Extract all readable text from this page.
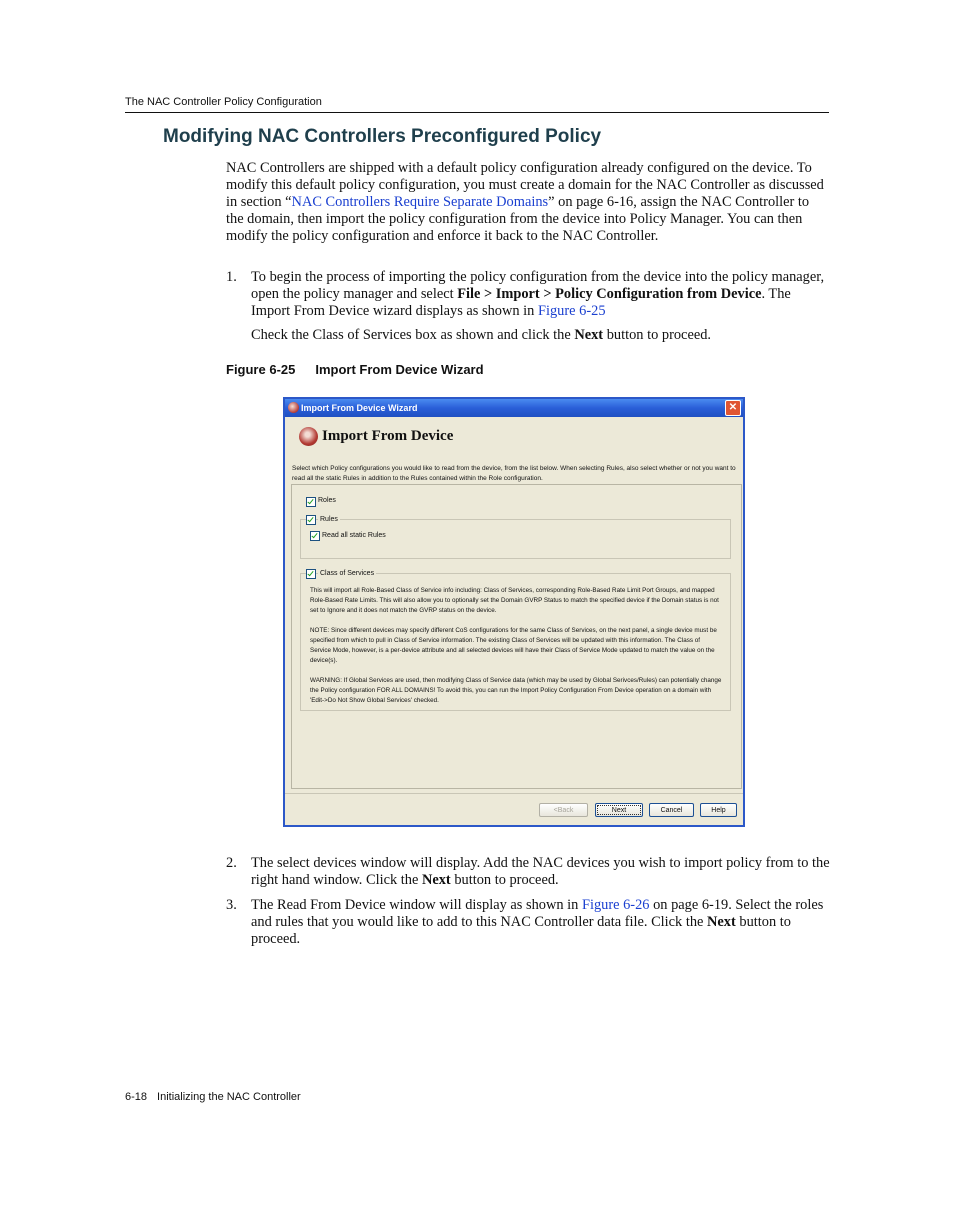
The NAC Controller Policy Configuration
Modifying NAC Controllers Preconfigured Policy
NAC Controllers are shipped with a default policy configuration already configured on the device. To modify this default policy configuration, you must create a domain for the NAC Controller as discussed in section “NAC Controllers Require Separate Domains” on page 6-16, assign the NAC Controller to the domain, then import the policy configuration from the device into Policy Manager. You can then modify the policy configuration and enforce it back to the NAC Controller.
1. To begin the process of importing the policy configuration from the device into the policy manager, open the policy manager and select File > Import > Policy Configuration from Device. The Import From Device wizard displays as shown in Figure 6-25
Check the Class of Services box as shown and click the Next button to proceed.
Figure 6-25 Import From Device Wizard
Import From Device Wizard	✕
Import From Device
Select which Policy configurations you would like to read from the device, from the list below. When selecting Rules, also select whether or not you want to read all the static Rules in addition to the Rules contained within the Role configuration.
Roles
Rules
Read all static Rules

This will import all Role-Based Class of Service info including: Class of Services, corresponding Role-Based Rate Limit Port Groups, and mapped Role-Based Rate Limits. This will also allow you to optionally set the Domain GVRP Status to match the specified device if the Domain status is not set to Ignore and it does not match the GVRP status on the device.

NOTE: Since different devices may specify different CoS configurations for the same Class of Services, on the next panel, a single device must be specified from which to pull in Class of Service information. The existing Class of Services will be updated with this information. The Class of Service Mode, however, is a per-device attribute and all selected devices will have their Class of Service Mode updated to match the value on the device(s).

WARNING: If Global Services are used, then modifying Class of Service data (which may be used by Global Serivces/Rules) can potentially change the Policy configuration FOR ALL DOMAINS! To avoid this, you can run the Import Policy Configuration From Device operation on a domain with 'Edit->Do Not Show Global Services' checked.

Class of Services
<Back	Next	Cancel	Help
2. The select devices window will display. Add the NAC devices you wish to import policy from to the right hand window. Click the Next button to proceed.
3. The Read From Device window will display as shown in Figure 6-26 on page 6-19. Select the roles and rules that you would like to add to this NAC Controller data file. Click the Next button to proceed.
6-18 Initializing the NAC Controller
